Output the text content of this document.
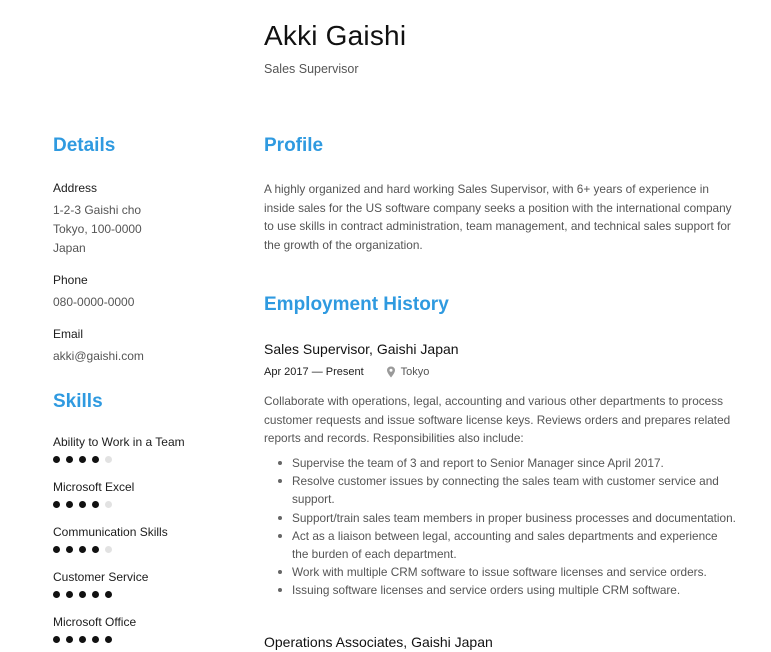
Akki Gaishi
Sales Supervisor
Details
Address
1-2-3 Gaishi cho
Tokyo, 100-0000
Japan
Phone
080-0000-0000
Email
akki@gaishi.com
Skills
Ability to Work in a Team
Microsoft Excel
Communication Skills
Customer Service
Microsoft Office
Profile
A highly organized and hard working Sales Supervisor, with 6+ years of experience in inside sales for the US software company seeks a position with the international company to use skills in contract administration, team management, and technical sales support for the growth of the organization.
Employment History
Sales Supervisor, Gaishi Japan
Apr 2017 — Present	Tokyo
Collaborate with operations, legal, accounting and various other departments to process customer requests and issue software license keys. Reviews orders and prepares related reports and records. Responsibilities also include:
Supervise the team of 3 and report to Senior Manager since April 2017.
Resolve customer issues by connecting the sales team with customer service and support.
Support/train sales team members in proper business processes and documentation.
Act as a liaison between legal, accounting and sales departments and experience the burden of each department.
Work with multiple CRM software to issue software licenses and service orders.
Issuing software licenses and service orders using multiple CRM software.
Operations Associates, Gaishi Japan
